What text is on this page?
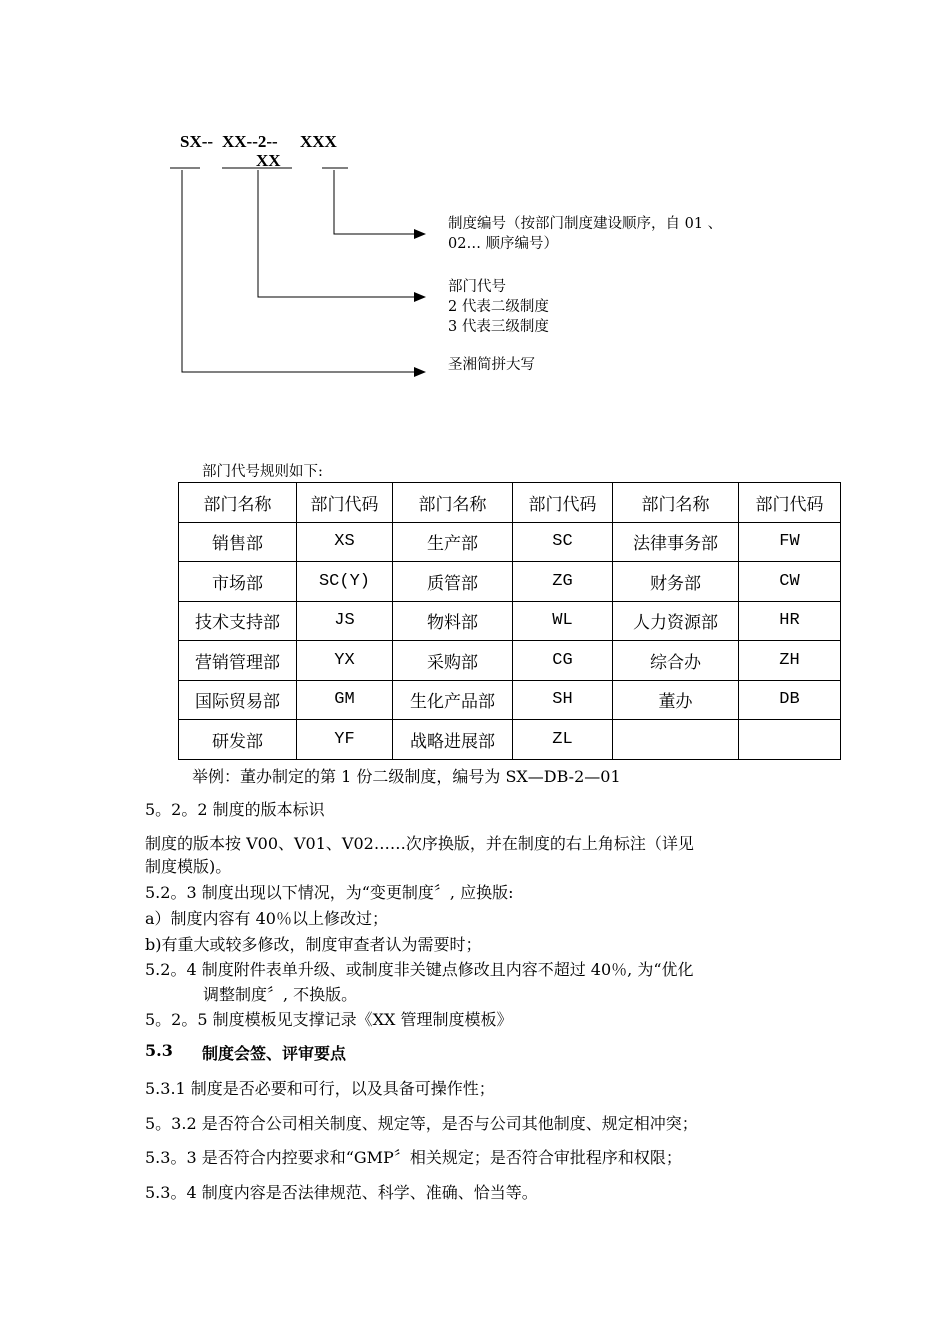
SX-- XX--2-- XXX
XX
制度编号（按部门制度建设顺序，自 01 、
02… 顺序编号）
部门代号
2 代表二级制度
3 代表三级制度
圣湘简拼大写
部门代号规则如下:
部门名称	部门代码	部门名称	部门代码	部门名称	部门代码
销售部	XS	生产部	SC	法律事务部	FW
市场部	SC(Y)	质管部	ZG	财务部	CW
技术支持部	JS	物料部	WL	人力资源部	HR
营销管理部	YX	采购部	CG	综合办	ZH
国际贸易部	GM	生化产品部	SH	董办	DB
研发部	YF	战略进展部	ZL		
举例：董办制定的第 1 份二级制度，编号为 SX—DB-2—01
5。2。2 制度的版本标识
制度的版本按 V00、V01、V02……次序换版，并在制度的右上角标注（详见
制度模版)。
5.2。3 制度出现以下情况，为“变更制度〞, 应换版:
a）制度内容有 40％以上修改过；
b)有重大或较多修改，制度审查者认为需要时；
5.2。4 制度附件表单升级、或制度非关键点修改且内容不超过 40％, 为“优化
调整制度〞, 不换版。
5。2。5 制度模板见支撑记录《XX 管理制度模板》
5.3 制度会签、评审要点
5.3.1 制度是否必要和可行，以及具备可操作性；
5。3.2 是否符合公司相关制度、规定等，是否与公司其他制度、规定相冲突；
5.3。3 是否符合内控要求和“GMP〞相关规定；是否符合审批程序和权限；
5.3。4 制度内容是否法律规范、科学、准确、恰当等。
